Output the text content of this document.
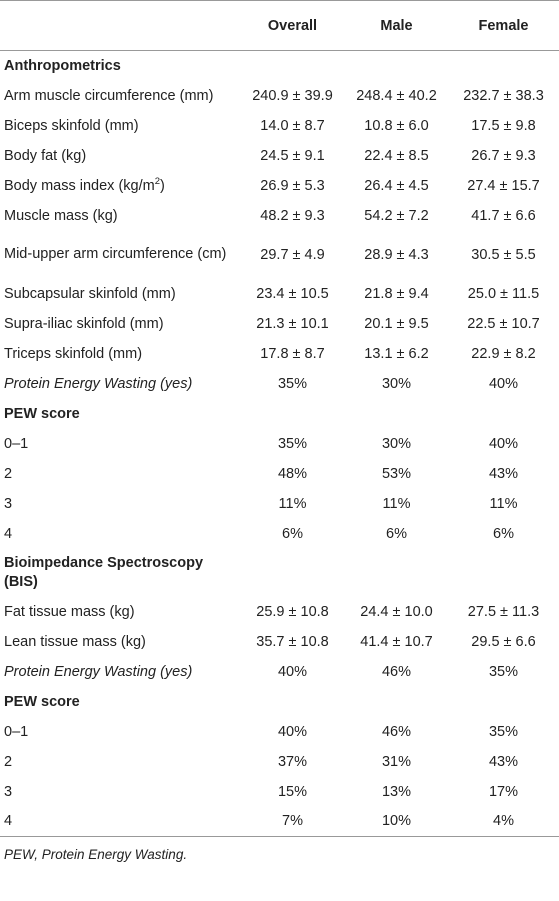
	Overall	Male	Female
Anthropometrics			
Arm muscle circumference (mm)	240.9 ± 39.9	248.4 ± 40.2	232.7 ± 38.3
Biceps skinfold (mm)	14.0 ± 8.7	10.8 ± 6.0	17.5 ± 9.8
Body fat (kg)	24.5 ± 9.1	22.4 ± 8.5	26.7 ± 9.3
Body mass index $(kg/m^2)$	26.9 ± 5.3	26.4 ± 4.5	27.4 ± 15.7
Muscle mass (kg)	48.2 ± 9.3	54.2 ± 7.2	41.7 ± 6.6
Mid-upper arm circumference (cm)	29.7 ± 4.9	28.9 ± 4.3	30.5 ± 5.5
Subcapsular skinfold (mm)	23.4 ± 10.5	21.8 ± 9.4	25.0 ± 11.5
Supra-iliac skinfold (mm)	21.3 ± 10.1	20.1 ± 9.5	22.5 ± 10.7
Triceps skinfold (mm)	17.8 ± 8.7	13.1 ± 6.2	22.9 ± 8.2
Protein Energy Wasting (yes)	35%	30%	40%
PEW score			
0–1	35%	30%	40%
2	48%	53%	43%
3	11%	11%	11%
4	6%	6%	6%
Bioimpedance Spectroscopy (BIS)			
Fat tissue mass (kg)	25.9 ± 10.8	24.4 ± 10.0	27.5 ± 11.3
Lean tissue mass (kg)	35.7 ± 10.8	41.4 ± 10.7	29.5 ± 6.6
Protein Energy Wasting (yes)	40%	46%	35%
PEW score			
0–1	40%	46%	35%
2	37%	31%	43%
3	15%	13%	17%
4	7%	10%	4%
PEW, Protein Energy Wasting.
